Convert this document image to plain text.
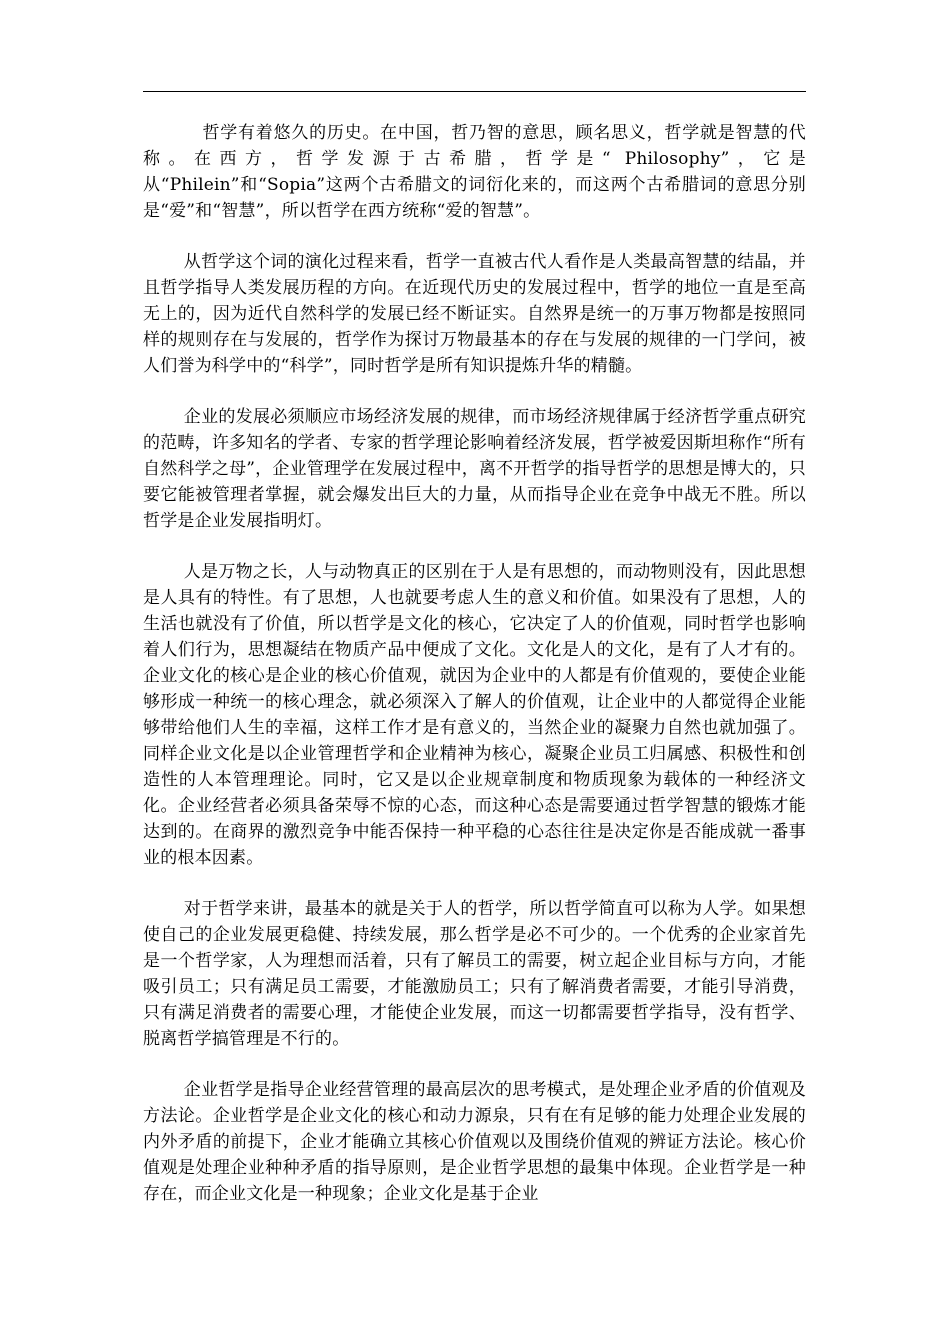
哲学有着悠久的历史。在中国，哲乃智的意思，顾名思义，哲学就是智慧的代称。在西方，哲学发源于古希腊，哲学是“ Philosophy”，它是从“Philein”和“Sopia”这两个古希腊文的词衍化来的，而这两个古希腊词的意思分别是“爱”和“智慧”，所以哲学在西方统称“爱的智慧”。

从哲学这个词的演化过程来看，哲学一直被古代人看作是人类最高智慧的结晶，并且哲学指导人类发展历程的方向。在近现代历史的发展过程中，哲学的地位一直是至高无上的，因为近代自然科学的发展已经不断证实。自然界是统一的万事万物都是按照同样的规则存在与发展的，哲学作为探讨万物最基本的存在与发展的规律的一门学问，被人们誉为科学中的“科学”，同时哲学是所有知识提炼升华的精髓。

企业的发展必须顺应市场经济发展的规律，而市场经济规律属于经济哲学重点研究的范畴，许多知名的学者、专家的哲学理论影响着经济发展，哲学被爱因斯坦称作“所有自然科学之母”，企业管理学在发展过程中，离不开哲学的指导哲学的思想是博大的，只要它能被管理者掌握，就会爆发出巨大的力量，从而指导企业在竞争中战无不胜。所以哲学是企业发展指明灯。

人是万物之长，人与动物真正的区别在于人是有思想的，而动物则没有，因此思想是人具有的特性。有了思想，人也就要考虑人生的意义和价值。如果没有了思想，人的生活也就没有了价值，所以哲学是文化的核心，它决定了人的价值观，同时哲学也影响着人们行为，思想凝结在物质产品中便成了文化。文化是人的文化，是有了人才有的。企业文化的核心是企业的核心价值观，就因为企业中的人都是有价值观的，要使企业能够形成一种统一的核心理念，就必须深入了解人的价值观，让企业中的人都觉得企业能够带给他们人生的幸福，这样工作才是有意义的，当然企业的凝聚力自然也就加强了。同样企业文化是以企业管理哲学和企业精神为核心，凝聚企业员工归属感、积极性和创造性的人本管理理论。同时，它又是以企业规章制度和物质现象为载体的一种经济文化。企业经营者必须具备荣辱不惊的心态，而这种心态是需要通过哲学智慧的锻炼才能达到的。在商界的激烈竞争中能否保持一种平稳的心态往往是决定你是否能成就一番事业的根本因素。

对于哲学来讲，最基本的就是关于人的哲学，所以哲学简直可以称为人学。如果想使自己的企业发展更稳健、持续发展，那么哲学是必不可少的。一个优秀的企业家首先是一个哲学家，人为理想而活着，只有了解员工的需要，树立起企业目标与方向，才能吸引员工；只有满足员工需要，才能激励员工；只有了解消费者需要，才能引导消费，只有满足消费者的需要心理，才能使企业发展，而这一切都需要哲学指导，没有哲学、脱离哲学搞管理是不行的。

企业哲学是指导企业经营管理的最高层次的思考模式，是处理企业矛盾的价值观及方法论。企业哲学是企业文化的核心和动力源泉，只有在有足够的能力处理企业发展的内外矛盾的前提下，企业才能确立其核心价值观以及围绕价值观的辨证方法论。核心价值观是处理企业种种矛盾的指导原则，是企业哲学思想的最集中体现。企业哲学是一种存在，而企业文化是一种现象；企业文化是基于企业
